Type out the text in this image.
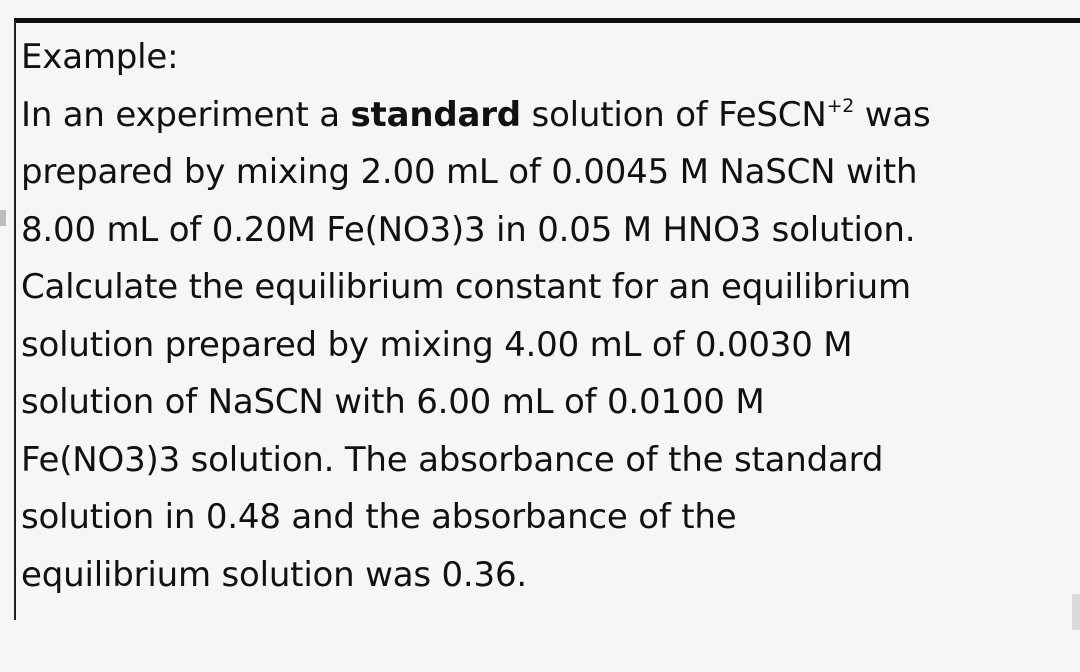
Example:
In an experiment a standard solution of FeSCN$^{+2}$ was
prepared by mixing 2.00 mL of 0.0045 M NaSCN with
8.00 mL of 0.20M Fe(NO3)3 in 0.05 M HNO3 solution.
Calculate the equilibrium constant for an equilibrium
solution prepared by mixing 4.00 mL of 0.0030 M
solution of NaSCN with 6.00 mL of 0.0100 M
Fe(NO3)3 solution. The absorbance of the standard
solution in 0.48 and the absorbance of the
equilibrium solution was 0.36.
